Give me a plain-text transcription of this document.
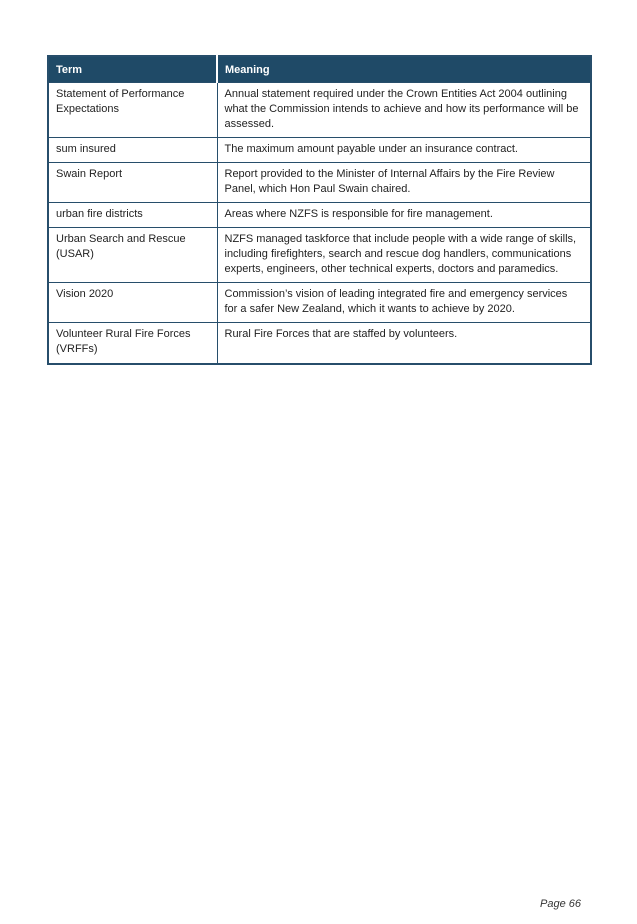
Term	Meaning
Statement of Performance Expectations	Annual statement required under the Crown Entities Act 2004 outlining what the Commission intends to achieve and how its performance will be assessed.
sum insured	The maximum amount payable under an insurance contract.
Swain Report	Report provided to the Minister of Internal Affairs by the Fire Review Panel, which Hon Paul Swain chaired.
urban fire districts	Areas where NZFS is responsible for fire management.
Urban Search and Rescue (USAR)	NZFS managed taskforce that include people with a wide range of skills, including firefighters, search and rescue dog handlers, communications experts, engineers, other technical experts, doctors and paramedics.
Vision 2020	Commission’s vision of leading integrated fire and emergency services for a safer New Zealand, which it wants to achieve by 2020.
Volunteer Rural Fire Forces (VRFFs)	Rural Fire Forces that are staffed by volunteers.
Page 66
